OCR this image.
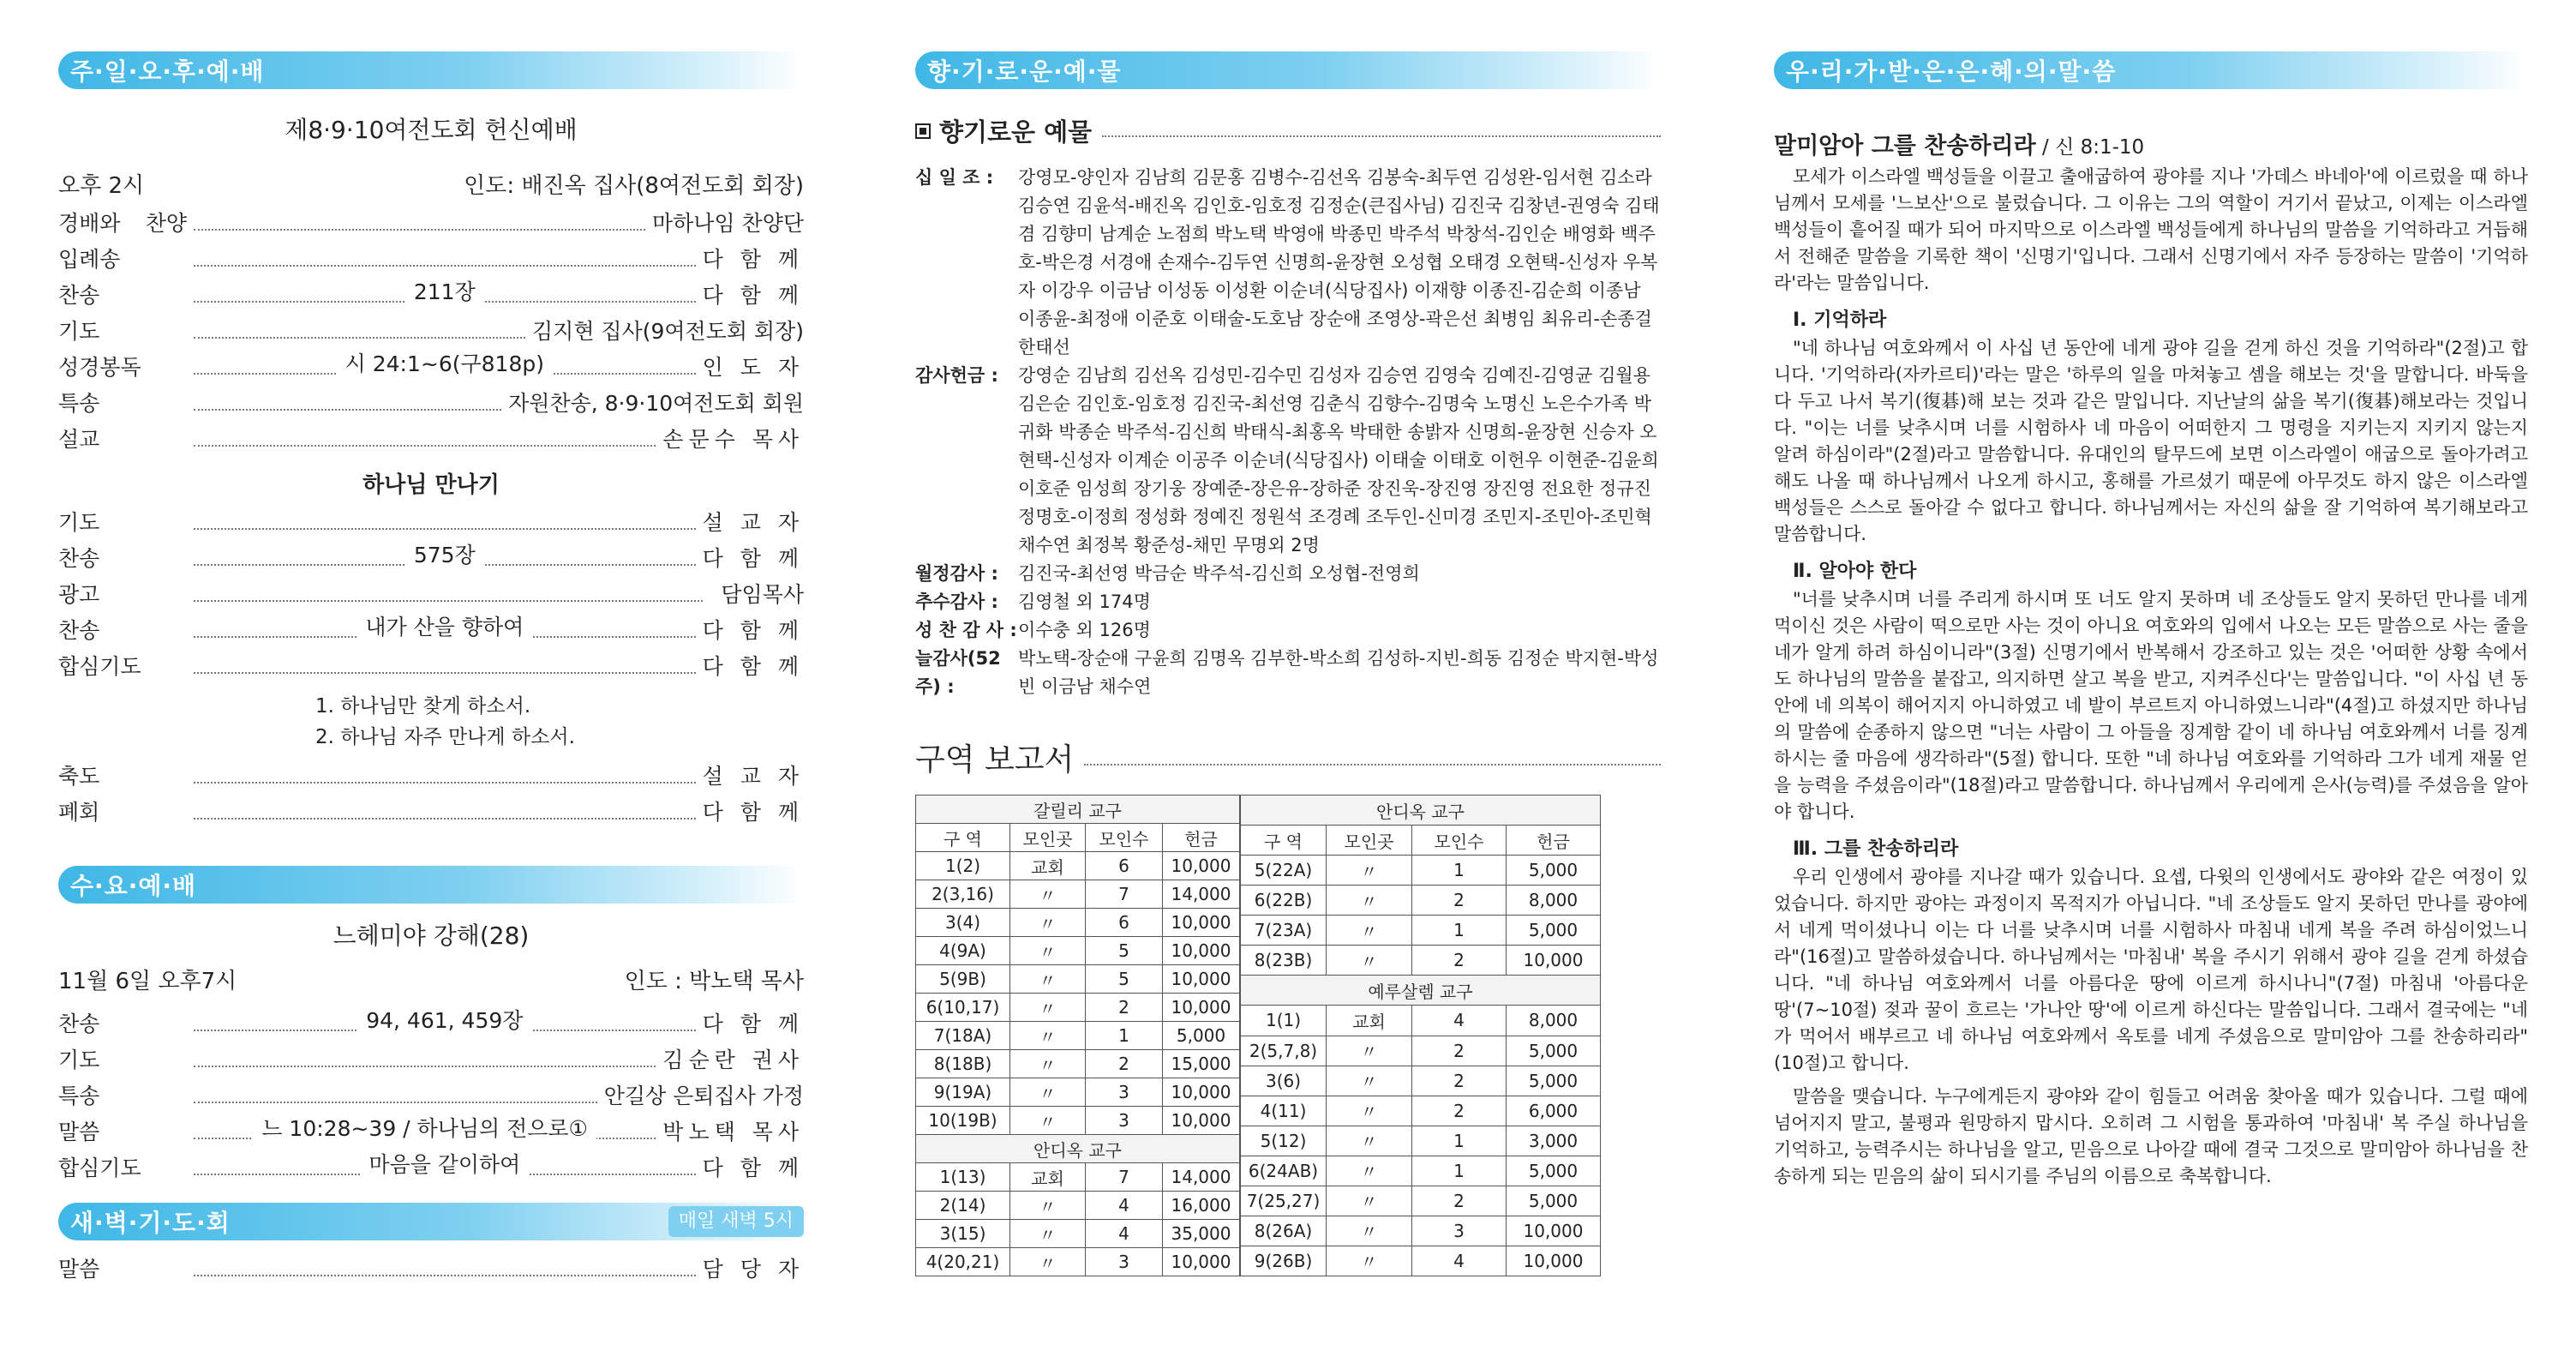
주·일·오·후·예·배
제8·9·10여전도회 헌신예배
오후 2시	인도: 배진옥 집사(8여전도회 회장)
경배와 찬양	마하나임 찬양단
입례송	다 함 께
찬송	211장	다 함 께
기도	김지현 집사(9여전도회 회장)
성경봉독	시 24:1~6(구818p)	인 도 자
특송	자원찬송, 8·9·10여전도회 회원
설교	손문수 목사
하나님 만나기
기도	설 교 자
찬송	575장	다 함 께
광고	담임목사
찬송	내가 산을 향하여	다 함 께
합심기도	다 함 께
1. 하나님만 찾게 하소서.
2. 하나님 자주 만나게 하소서.
축도	설 교 자
폐회	다 함 께
수·요·예·배
느헤미야 강해(28)
11월 6일 오후7시	인도 : 박노택 목사
찬송	94, 461, 459장	다 함 께
기도	김순란 권사
특송	안길상 은퇴집사 가정
말씀	느 10:28~39 / 하나님의 전으로①	박노택 목사
합심기도	마음을 같이하여	다 함 께
새·벽·기·도·회	매일 새벽 5시
말씀	담 당 자
향·기·로·운·예·물
향기로운 예물
십 일 조 :	강영모-양인자 김남희 김문홍 김병수-김선옥 김봉숙-최두연 김성완-임서현 김소라 김승연 김윤석-배진옥 김인호-임호정 김정순(큰집사님) 김진국 김창년-권영숙 김태겸 김향미 남계순 노점희 박노택 박영애 박종민 박주석 박창석-김인순 배영화 백주호-박은경 서경애 손재수-김두연 신명희-윤장현 오성협 오태경 오현택-신성자 우복자 이강우 이금남 이성동 이성환 이순녀(식당집사) 이재향 이종진-김순희 이종남 이종윤-최정애 이준호 이태술-도호남 장순애 조영상-곽은선 최병임 최유리-손종걸 한태선
감사헌금 :	강영순 김남희 김선옥 김성민-김수민 김성자 김승연 김영숙 김예진-김영균 김월용 김은순 김인호-임호정 김진국-최선영 김춘식 김향수-김명숙 노명신 노은수가족 박귀화 박종순 박주석-김신희 박태식-최홍옥 박태한 송밝자 신명희-윤장현 신승자 오현택-신성자 이계순 이공주 이순녀(식당집사) 이태술 이태호 이헌우 이현준-김윤희 이호준 임성희 장기웅 장예준-장은유-장하준 장진욱-장진영 장진영 전요한 정규진 정명호-이정희 정성화 정예진 정원석 조경례 조두인-신미경 조민지-조민아-조민혁 채수연 최정복 황준성-채민 무명외 2명
월정감사 :	김진국-최선영 박금순 박주석-김신희 오성협-전영희
추수감사 :	김영철 외 174명
성 찬 감 사 : 이수충 외 126명
늘감사(52주) :
박노택-장순애 구윤희 김명옥 김부한-박소희 김성하-지빈-희동 김정순 박지현-박성빈 이금남 채수연
구역 보고서
갈릴리 교구			
구 역	모인곳	모인수	헌금
1(2)	교회	6	10,000
2(3,16)	〃	7	14,000
3(4)	〃	6	10,000
4(9A)	〃	5	10,000
5(9B)	〃	5	10,000
6(10,17)	〃	2	10,000
7(18A)	〃	1	5,000
8(18B)	〃	2	15,000
9(19A)	〃	3	10,000
10(19B)	〃	3	10,000
안디옥 교구			
1(13)	교회	7	14,000
2(14)	〃	4	16,000
3(15)	〃	4	35,000
4(20,21)	〃	3	10,000
안디옥 교구			
구 역	모인곳	모인수	헌금
5(22A)	〃	1	5,000
6(22B)	〃	2	8,000
7(23A)	〃	1	5,000
8(23B)	〃	2	10,000
예루살렘 교구			
1(1)	교회	4	8,000
2(5,7,8)	〃	2	5,000
3(6)	〃	2	5,000
4(11)	〃	2	6,000
5(12)	〃	1	3,000
6(24AB)	〃	1	5,000
7(25,27)	〃	2	5,000
8(26A)	〃	3	10,000
9(26B)	〃	4	10,000
우·리·가·받·은·은·혜·의·말·씀
말미암아 그를 찬송하리라 / 신 8:1-10

모세가 이스라엘 백성들을 이끌고 출애굽하여 광야를 지나 '가데스 바네아'에 이르렀을 때 하나님께서 모세를 '느보산'으로 불렀습니다. 그 이유는 그의 역할이 거기서 끝났고, 이제는 이스라엘 백성들이 흩어질 때가 되어 마지막으로 이스라엘 백성들에게 하나님의 말씀을 기억하라고 거듭해서 전해준 말씀을 기록한 책이 '신명기'입니다. 그래서 신명기에서 자주 등장하는 말씀이 '기억하라'라는 말씀입니다.

Ⅰ. 기억하라

"네 하나님 여호와께서 이 사십 년 동안에 네게 광야 길을 걷게 하신 것을 기억하라"(2절)고 합니다. '기억하라(자카르티)'라는 말은 '하루의 일을 마쳐놓고 셈을 해보는 것'을 말합니다. 바둑을 다 두고 나서 복기(復碁)해 보는 것과 같은 말입니다. 지난날의 삶을 복기(復碁)해보라는 것입니다. "이는 너를 낮추시며 너를 시험하사 네 마음이 어떠한지 그 명령을 지키는지 지키지 않는지 알려 하심이라"(2절)라고 말씀합니다. 유대인의 탈무드에 보면 이스라엘이 애굽으로 돌아가려고 해도 나올 때 하나님께서 나오게 하시고, 홍해를 가르셨기 때문에 아무것도 하지 않은 이스라엘 백성들은 스스로 돌아갈 수 없다고 합니다. 하나님께서는 자신의 삶을 잘 기억하여 복기해보라고 말씀합니다.

Ⅱ. 알아야 한다

"너를 낮추시며 너를 주리게 하시며 또 너도 알지 못하며 네 조상들도 알지 못하던 만나를 네게 먹이신 것은 사람이 떡으로만 사는 것이 아니요 여호와의 입에서 나오는 모든 말씀으로 사는 줄을 네가 알게 하려 하심이니라"(3절) 신명기에서 반복해서 강조하고 있는 것은 '어떠한 상황 속에서도 하나님의 말씀을 붙잡고, 의지하면 살고 복을 받고, 지켜주신다'는 말씀입니다. "이 사십 년 동안에 네 의복이 해어지지 아니하였고 네 발이 부르트지 아니하였느니라"(4절)고 하셨지만 하나님의 말씀에 순종하지 않으면 "너는 사람이 그 아들을 징계함 같이 네 하나님 여호와께서 너를 징계하시는 줄 마음에 생각하라"(5절) 합니다. 또한 "네 하나님 여호와를 기억하라 그가 네게 재물 얻을 능력을 주셨음이라"(18절)라고 말씀합니다. 하나님께서 우리에게 은사(능력)를 주셨음을 알아야 합니다.

Ⅲ. 그를 찬송하리라

우리 인생에서 광야를 지나갈 때가 있습니다. 요셉, 다윗의 인생에서도 광야와 같은 여정이 있었습니다. 하지만 광야는 과정이지 목적지가 아닙니다. "네 조상들도 알지 못하던 만나를 광야에서 네게 먹이셨나니 이는 다 너를 낮추시며 너를 시험하사 마침내 네게 복을 주려 하심이었느니라"(16절)고 말씀하셨습니다. 하나님께서는 '마침내' 복을 주시기 위해서 광야 길을 걷게 하셨습니다. "네 하나님 여호와께서 너를 아름다운 땅에 이르게 하시나니"(7절) 마침내 '아름다운 땅'(7~10절) 젖과 꿀이 흐르는 '가나안 땅'에 이르게 하신다는 말씀입니다. 그래서 결국에는 "네가 먹어서 배부르고 네 하나님 여호와께서 옥토를 네게 주셨음으로 말미암아 그를 찬송하리라"(10절)고 합니다.

말씀을 맺습니다. 누구에게든지 광야와 같이 힘들고 어려움 찾아올 때가 있습니다. 그럴 때에 넘어지지 말고, 불평과 원망하지 맙시다. 오히려 그 시험을 통과하여 '마침내' 복 주실 하나님을 기억하고, 능력주시는 하나님을 알고, 믿음으로 나아갈 때에 결국 그것으로 말미암아 하나님을 찬송하게 되는 믿음의 삶이 되시기를 주님의 이름으로 축복합니다.
